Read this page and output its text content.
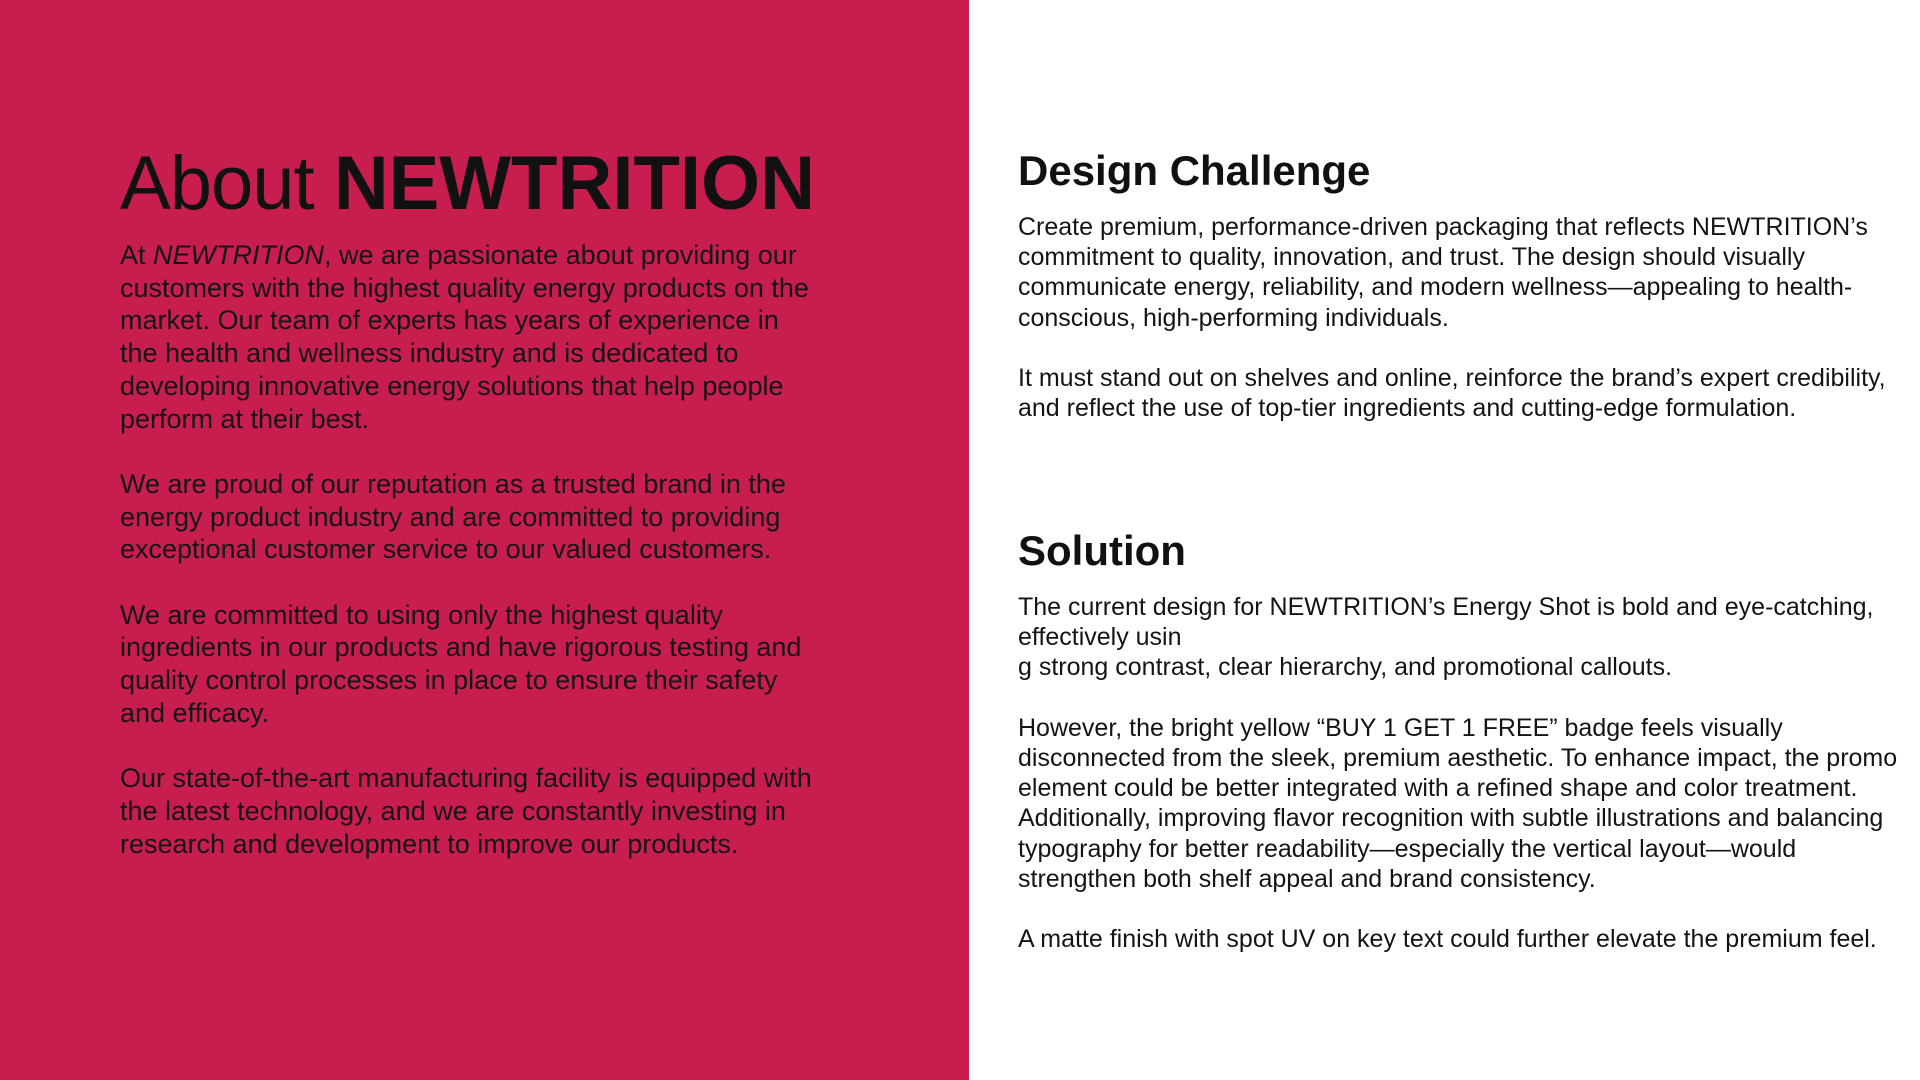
About NEWTRITION

At NEWTRITION, we are passionate about providing our customers with the highest quality energy products on the market. Our team of experts has years of experience in the health and wellness industry and is dedicated to developing innovative energy solutions that help people perform at their best.

We are proud of our reputation as a trusted brand in the energy product industry and are committed to providing exceptional customer service to our valued customers.

We are committed to using only the highest quality ingredients in our products and have rigorous testing and quality control processes in place to ensure their safety and efficacy.

Our state-of-the-art manufacturing facility is equipped with the latest technology, and we are constantly investing in research and development to improve our products.

Design Challenge

Create premium, performance-driven packaging that reflects NEWTRITION’s commitment to quality, innovation, and trust. The design should visually communicate energy, reliability, and modern wellness—appealing to health-conscious, high-performing individuals.

It must stand out on shelves and online, reinforce the brand’s expert credibility, and reflect the use of top-tier ingredients and cutting-edge formulation.

Solution

The current design for NEWTRITION’s Energy Shot is bold and eye-catching, effectively usin
g strong contrast, clear hierarchy, and promotional callouts.

However, the bright yellow “BUY 1 GET 1 FREE” badge feels visually disconnected from the sleek, premium aesthetic. To enhance impact, the promo element could be better integrated with a refined shape and color treatment. Additionally, improving flavor recognition with subtle illustrations and balancing typography for better readability—especially the vertical layout—would strengthen both shelf appeal and brand consistency.

A matte finish with spot UV on key text could further elevate the premium feel.
